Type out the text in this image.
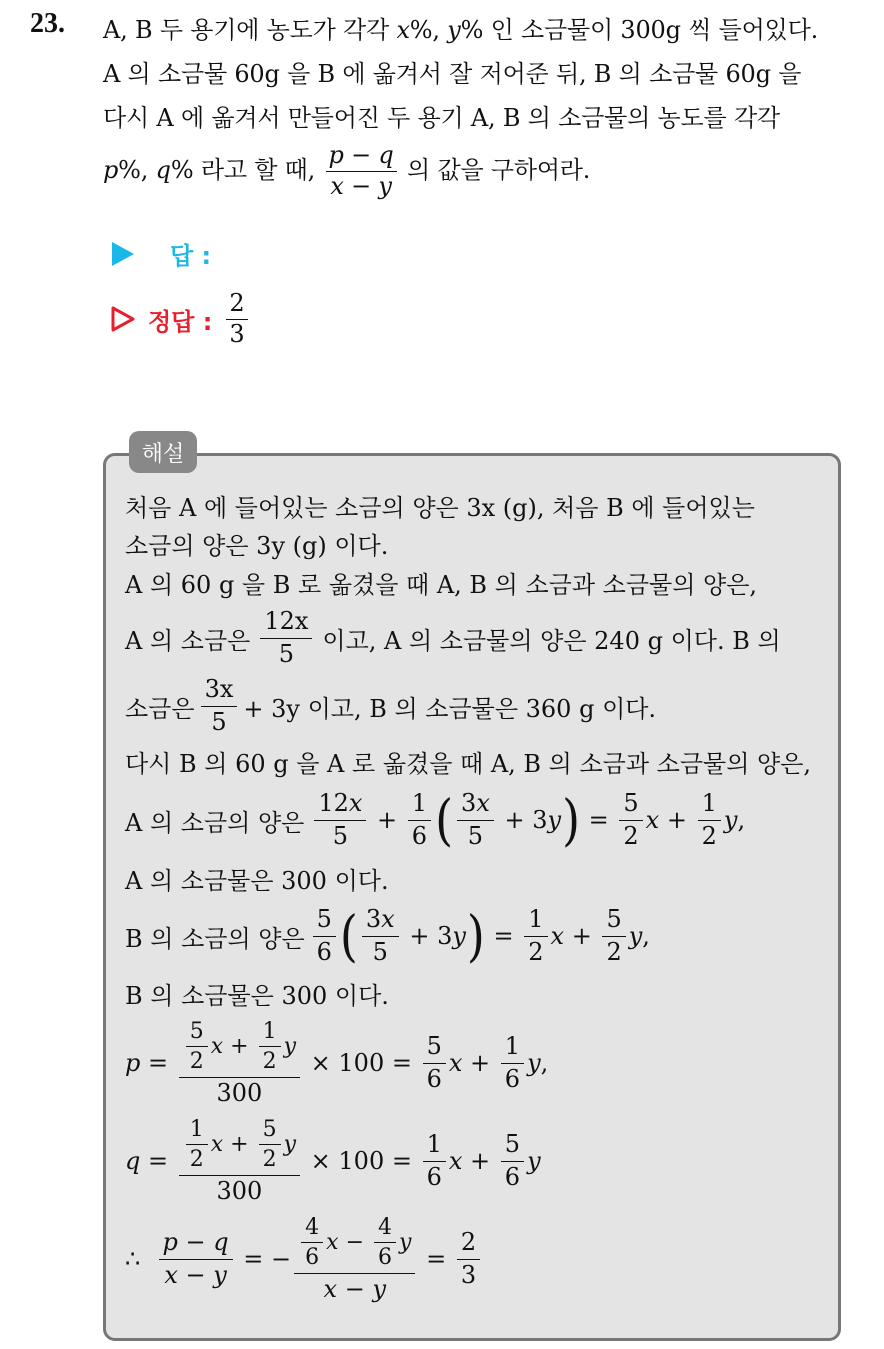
23. A, B 두 용기에 농도가 각각 x%, y% 인 소금물이 300g 씩 들어있다.
A 의 소금물 60g 을 B 에 옮겨서 잘 저어준 뒤, B 의 소금물 60g 을
다시 A 에 옮겨서 만들어진 두 용기 A, B 의 소금물의 농도를 각각
p%, q% 라고 할 때, $\frac{p - q}{x - y}$ 의 값을 구하여라.
답 :
정답 : $\frac{2}{3}$
해설
처음 A 에 들어있는 소금의 양은 3x (g), 처음 B 에 들어있는
소금의 양은 3y (g) 이다.
A 의 60 g 을 B 로 옮겼을 때 A, B 의 소금과 소금물의 양은,
A 의 소금은 $\frac{12x}{5}$ 이고, A 의 소금물의 양은 240 g 이다. B 의
소금은 $\frac{3x}{5} + 3y$ 이고, B 의 소금물은 360 g 이다.
다시 B 의 60 g 을 A 로 옮겼을 때 A, B 의 소금과 소금물의 양은,
A 의 소금의 양은 $\frac{12 x}{5} + \frac{1}{6}$ ( $\frac{3 x}{5} + 3y$ ) = $\frac{5}{2}$ $x + \frac{1}{2}$ y ,
A 의 소금물은 300 이다.
B 의 소금의 양은 $\frac{5}{6}$ ( $\frac{3 x}{5} + 3y$ ) = $\frac{1}{2}$ $x + \frac{5}{2}$ y ,
B 의 소금물은 300 이다.
$p = \frac{\frac{5}{2} x + \frac{1}{2} y}{300} \times 100 = \frac{5}{6}$ $x + \frac{1}{6}$ y ,
$q = \frac{\frac{1}{2} x + \frac{5}{2} y}{300} \times 100 = \frac{1}{6}$ $x + \frac{5}{6}$ y
∴
$\frac{p - q}{x - y}$ = − $\frac{\frac{4}{6} x - \frac{4}{6} y}{x - y} = \frac{2}{3}$
